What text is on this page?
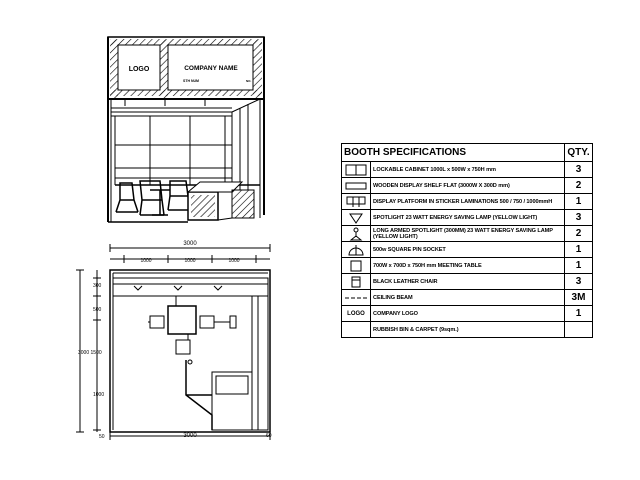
LOGO	COMPANY NAME
STH NUM	NO.
3000
1000	1000	1000
3000 1500
300
500
1000
3000
50	60
BOOTH SPECIFICATIONS		QTY.

	LOCKABLE CABINET 1000L x 500W x 750H mm	3

	WOODEN DISPLAY SHELF FLAT (3000W X 300D mm)	2

	DISPLAY PLATFORM IN STICKER LAMINATIONS 500 / 750 / 1000mmH	1

	SPOTLIGHT 23 WATT ENERGY SAVING LAMP (YELLOW LIGHT)	3

	LONG ARMED SPOTLIGHT (300MM) 23 WATT ENERGY SAVING LAMP (YELLOW LIGHT)	2

	500w SQUARE PIN SOCKET	1

	700W x 700D x 750H mm MEETING TABLE	1

	BLACK LEATHER CHAIR	3

	CEILING BEAM	3M
LOGO	COMPANY LOGO	1
	RUBBISH BIN & CARPET (9sqm.)	
